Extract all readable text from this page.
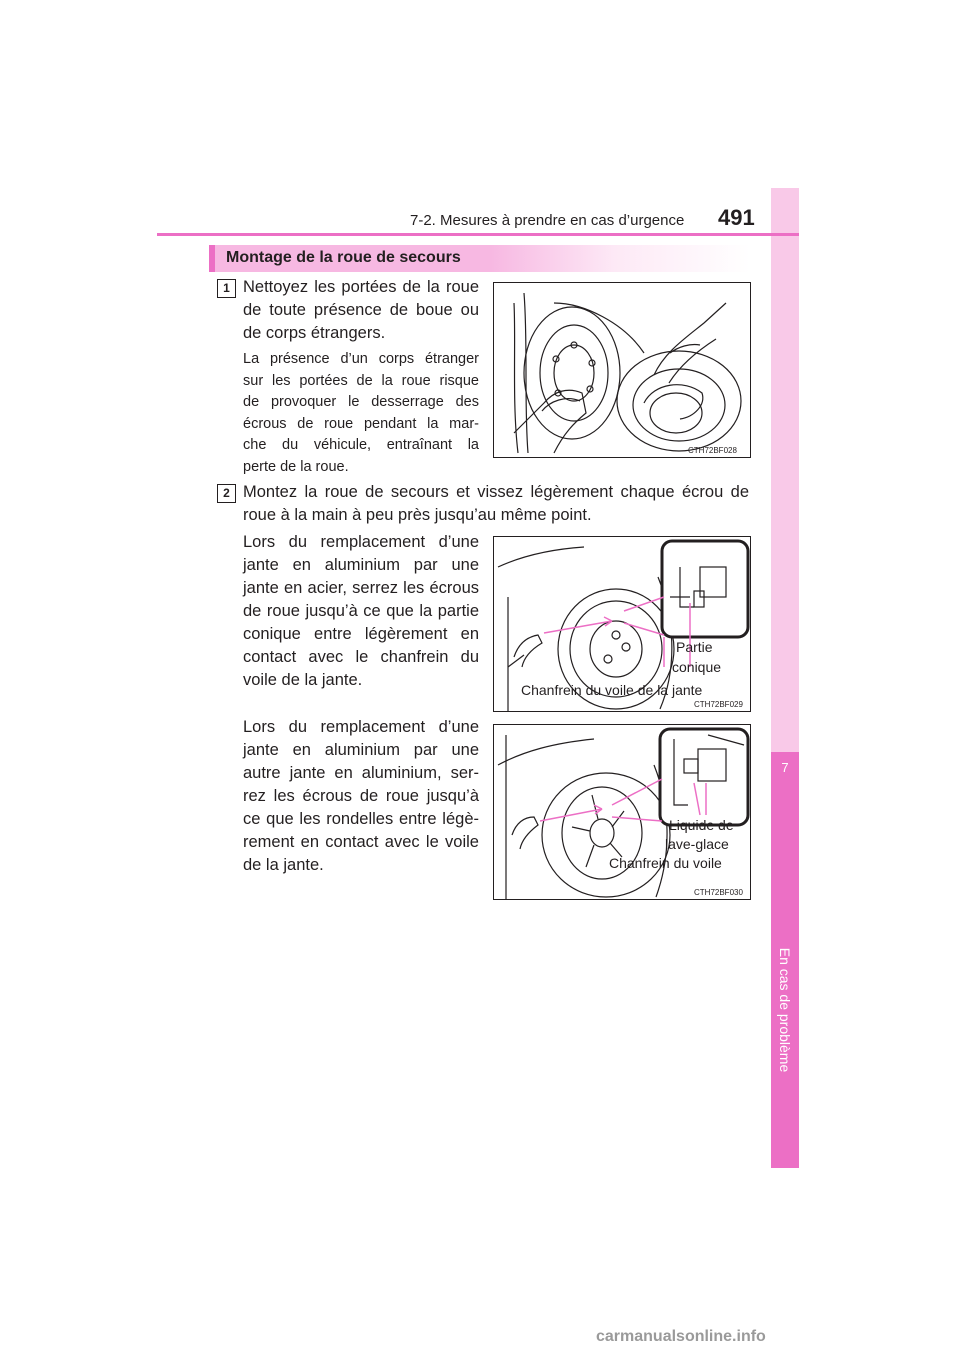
7
En cas de problème
7-2. Mesures à prendre en cas d’urgence 491
Montage de la roue de secours
1 Nettoyez les portées de la roue
de toute présence de boue ou
de corps étrangers.
La présence d’un corps étranger
sur les portées de la roue risque
de provoquer le desserrage des
écrous de roue pendant la mar-
che du véhicule, entraînant la
perte de la roue.
CTH72BF028
2 Montez la roue de secours et vissez légèrement chaque écrou de
roue à la main à peu près jusqu’au même point.
Lors du remplacement d’une
jante en aluminium par une
jante en acier, serrez les écrous
de roue jusqu’à ce que la partie
conique entre légèrement en
contact avec le chanfrein du
voile de la jante.
Lors du remplacement d’une
jante en aluminium par une
autre jante en aluminium, ser-
rez les écrous de roue jusqu’à
ce que les rondelles entre légè-
rement en contact avec le voile
de la jante.
Partie
conique
Chanfrein du voile de la jante
CTH72BF029
Liquide de
lave-glace
Chanfrein du voile
CTH72BF030
carmanualsonline.info
